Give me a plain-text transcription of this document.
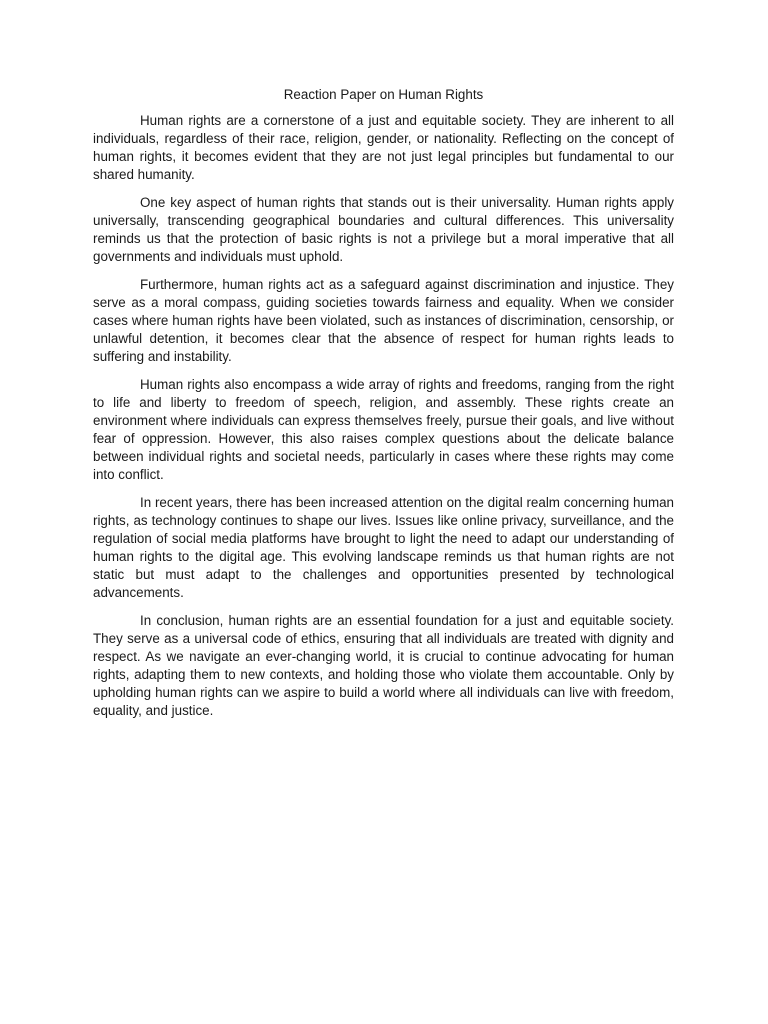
Reaction Paper on Human Rights

Human rights are a cornerstone of a just and equitable society. They are inherent to all individuals, regardless of their race, religion, gender, or nationality. Reflecting on the concept of human rights, it becomes evident that they are not just legal principles but fundamental to our shared humanity.

One key aspect of human rights that stands out is their universality. Human rights apply universally, transcending geographical boundaries and cultural differences. This universality reminds us that the protection of basic rights is not a privilege but a moral imperative that all governments and individuals must uphold.

Furthermore, human rights act as a safeguard against discrimination and injustice. They serve as a moral compass, guiding societies towards fairness and equality. When we consider cases where human rights have been violated, such as instances of discrimination, censorship, or unlawful detention, it becomes clear that the absence of respect for human rights leads to suffering and instability.

Human rights also encompass a wide array of rights and freedoms, ranging from the right to life and liberty to freedom of speech, religion, and assembly. These rights create an environment where individuals can express themselves freely, pursue their goals, and live without fear of oppression. However, this also raises complex questions about the delicate balance between individual rights and societal needs, particularly in cases where these rights may come into conflict.

In recent years, there has been increased attention on the digital realm concerning human rights, as technology continues to shape our lives. Issues like online privacy, surveillance, and the regulation of social media platforms have brought to light the need to adapt our understanding of human rights to the digital age. This evolving landscape reminds us that human rights are not static but must adapt to the challenges and opportunities presented by technological advancements.

In conclusion, human rights are an essential foundation for a just and equitable society. They serve as a universal code of ethics, ensuring that all individuals are treated with dignity and respect. As we navigate an ever-changing world, it is crucial to continue advocating for human rights, adapting them to new contexts, and holding those who violate them accountable. Only by upholding human rights can we aspire to build a world where all individuals can live with freedom, equality, and justice.
